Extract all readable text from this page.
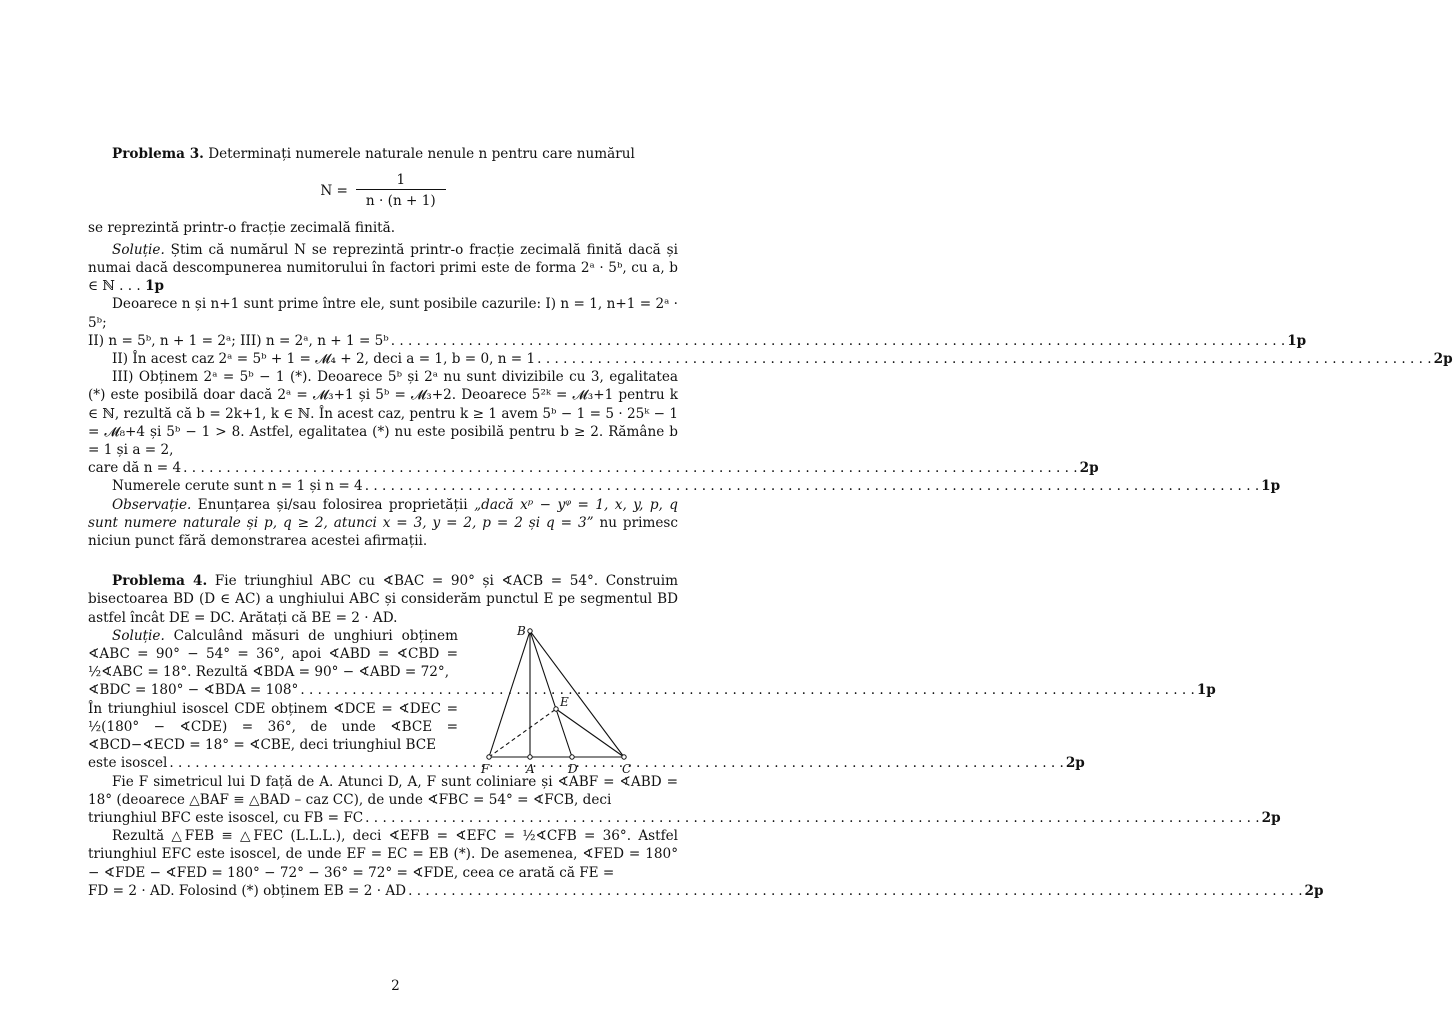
Problema 3. Determinați numerele naturale nenule n pentru care numărul

$N = \frac{1}{n \cdot (n + 1)}$

se reprezintă printr-o fracție zecimală finită.

Soluție. Știm că numărul N se reprezintă printr-o fracție zecimală finită dacă și numai dacă descompunerea numitorului în factori primi este de forma 2ᵃ · 5ᵇ, cu a, b ∈ ℕ . . . 1p

Deoarece n și n+1 sunt prime între ele, sunt posibile cazurile: I) n = 1, n+1 = 2ᵃ · 5ᵇ;

II) n = 5ᵇ, n + 1 = 2ᵃ; III) n = 2ᵃ, n + 1 = 5ᵇ . . .	1p
II) În acest caz 2ᵃ = 5ᵇ + 1 = 𝓜₄ + 2, deci a = 1, b = 0, n = 1 . . .	2p

III) Obținem 2ᵃ = 5ᵇ − 1 (*). Deoarece 5ᵇ și 2ᵃ nu sunt divizibile cu 3, egalitatea (*) este posibilă doar dacă 2ᵃ = 𝓜₃+1 și 5ᵇ = 𝓜₃+2. Deoarece 5²ᵏ = 𝓜₃+1 pentru k ∈ ℕ, rezultă că b = 2k+1, k ∈ ℕ. În acest caz, pentru k ≥ 1 avem 5ᵇ − 1 = 5 · 25ᵏ − 1 = 𝓜₈+4 și 5ᵇ − 1 > 8. Astfel, egalitatea (*) nu este posibilă pentru b ≥ 2. Rămâne b = 1 și a = 2,

care dă n = 4 . . .	2p
Numerele cerute sunt n = 1 și n = 4 . . .	1p

Observație. Enunțarea și/sau folosirea proprietății „dacă xᵖ − yᵠ = 1, x, y, p, q sunt numere naturale și p, q ≥ 2, atunci x = 3, y = 2, p = 2 și q = 3” nu primesc niciun punct fără demonstrarea acestei afirmații.

Problema 4. Fie triunghiul ABC cu ∢BAC = 90° și ∢ACB = 54°. Construim bisectoarea BD (D ∈ AC) a unghiului ABC și considerăm punctul E pe segmentul BD astfel încât DE = DC. Arătați că BE = 2 · AD.

B
E
F	A	D	C

Soluție. Calculând măsuri de unghiuri obținem ∢ABC = 90° − 54° = 36°, apoi ∢ABD = ∢CBD = ½∢ABC = 18°. Rezultă ∢BDA = 90° − ∢ABD = 72°,

∢BDC = 180° − ∢BDA = 108° . . .	1p

În triunghiul isoscel CDE obținem ∢DCE = ∢DEC = ½(180° − ∢CDE) = 36°, de unde ∢BCE = ∢BCD−∢ECD = 18° = ∢CBE, deci triunghiul BCE

este isoscel . . .	2p

Fie F simetricul lui D față de A. Atunci D, A, F sunt coliniare și ∢ABF = ∢ABD = 18° (deoarece △BAF ≡ △BAD – caz CC), de unde ∢FBC = 54° = ∢FCB, deci

triunghiul BFC este isoscel, cu FB = FC . . .	2p

Rezultă △FEB ≡ △FEC (L.L.L.), deci ∢EFB = ∢EFC = ½∢CFB = 36°. Astfel triunghiul EFC este isoscel, de unde EF = EC = EB (*). De asemenea, ∢FED = 180° − ∢FDE − ∢FED = 180° − 72° − 36° = 72° = ∢FDE, ceea ce arată că FE =

FD = 2 · AD. Folosind (*) obținem EB = 2 · AD . . .	2p
2
